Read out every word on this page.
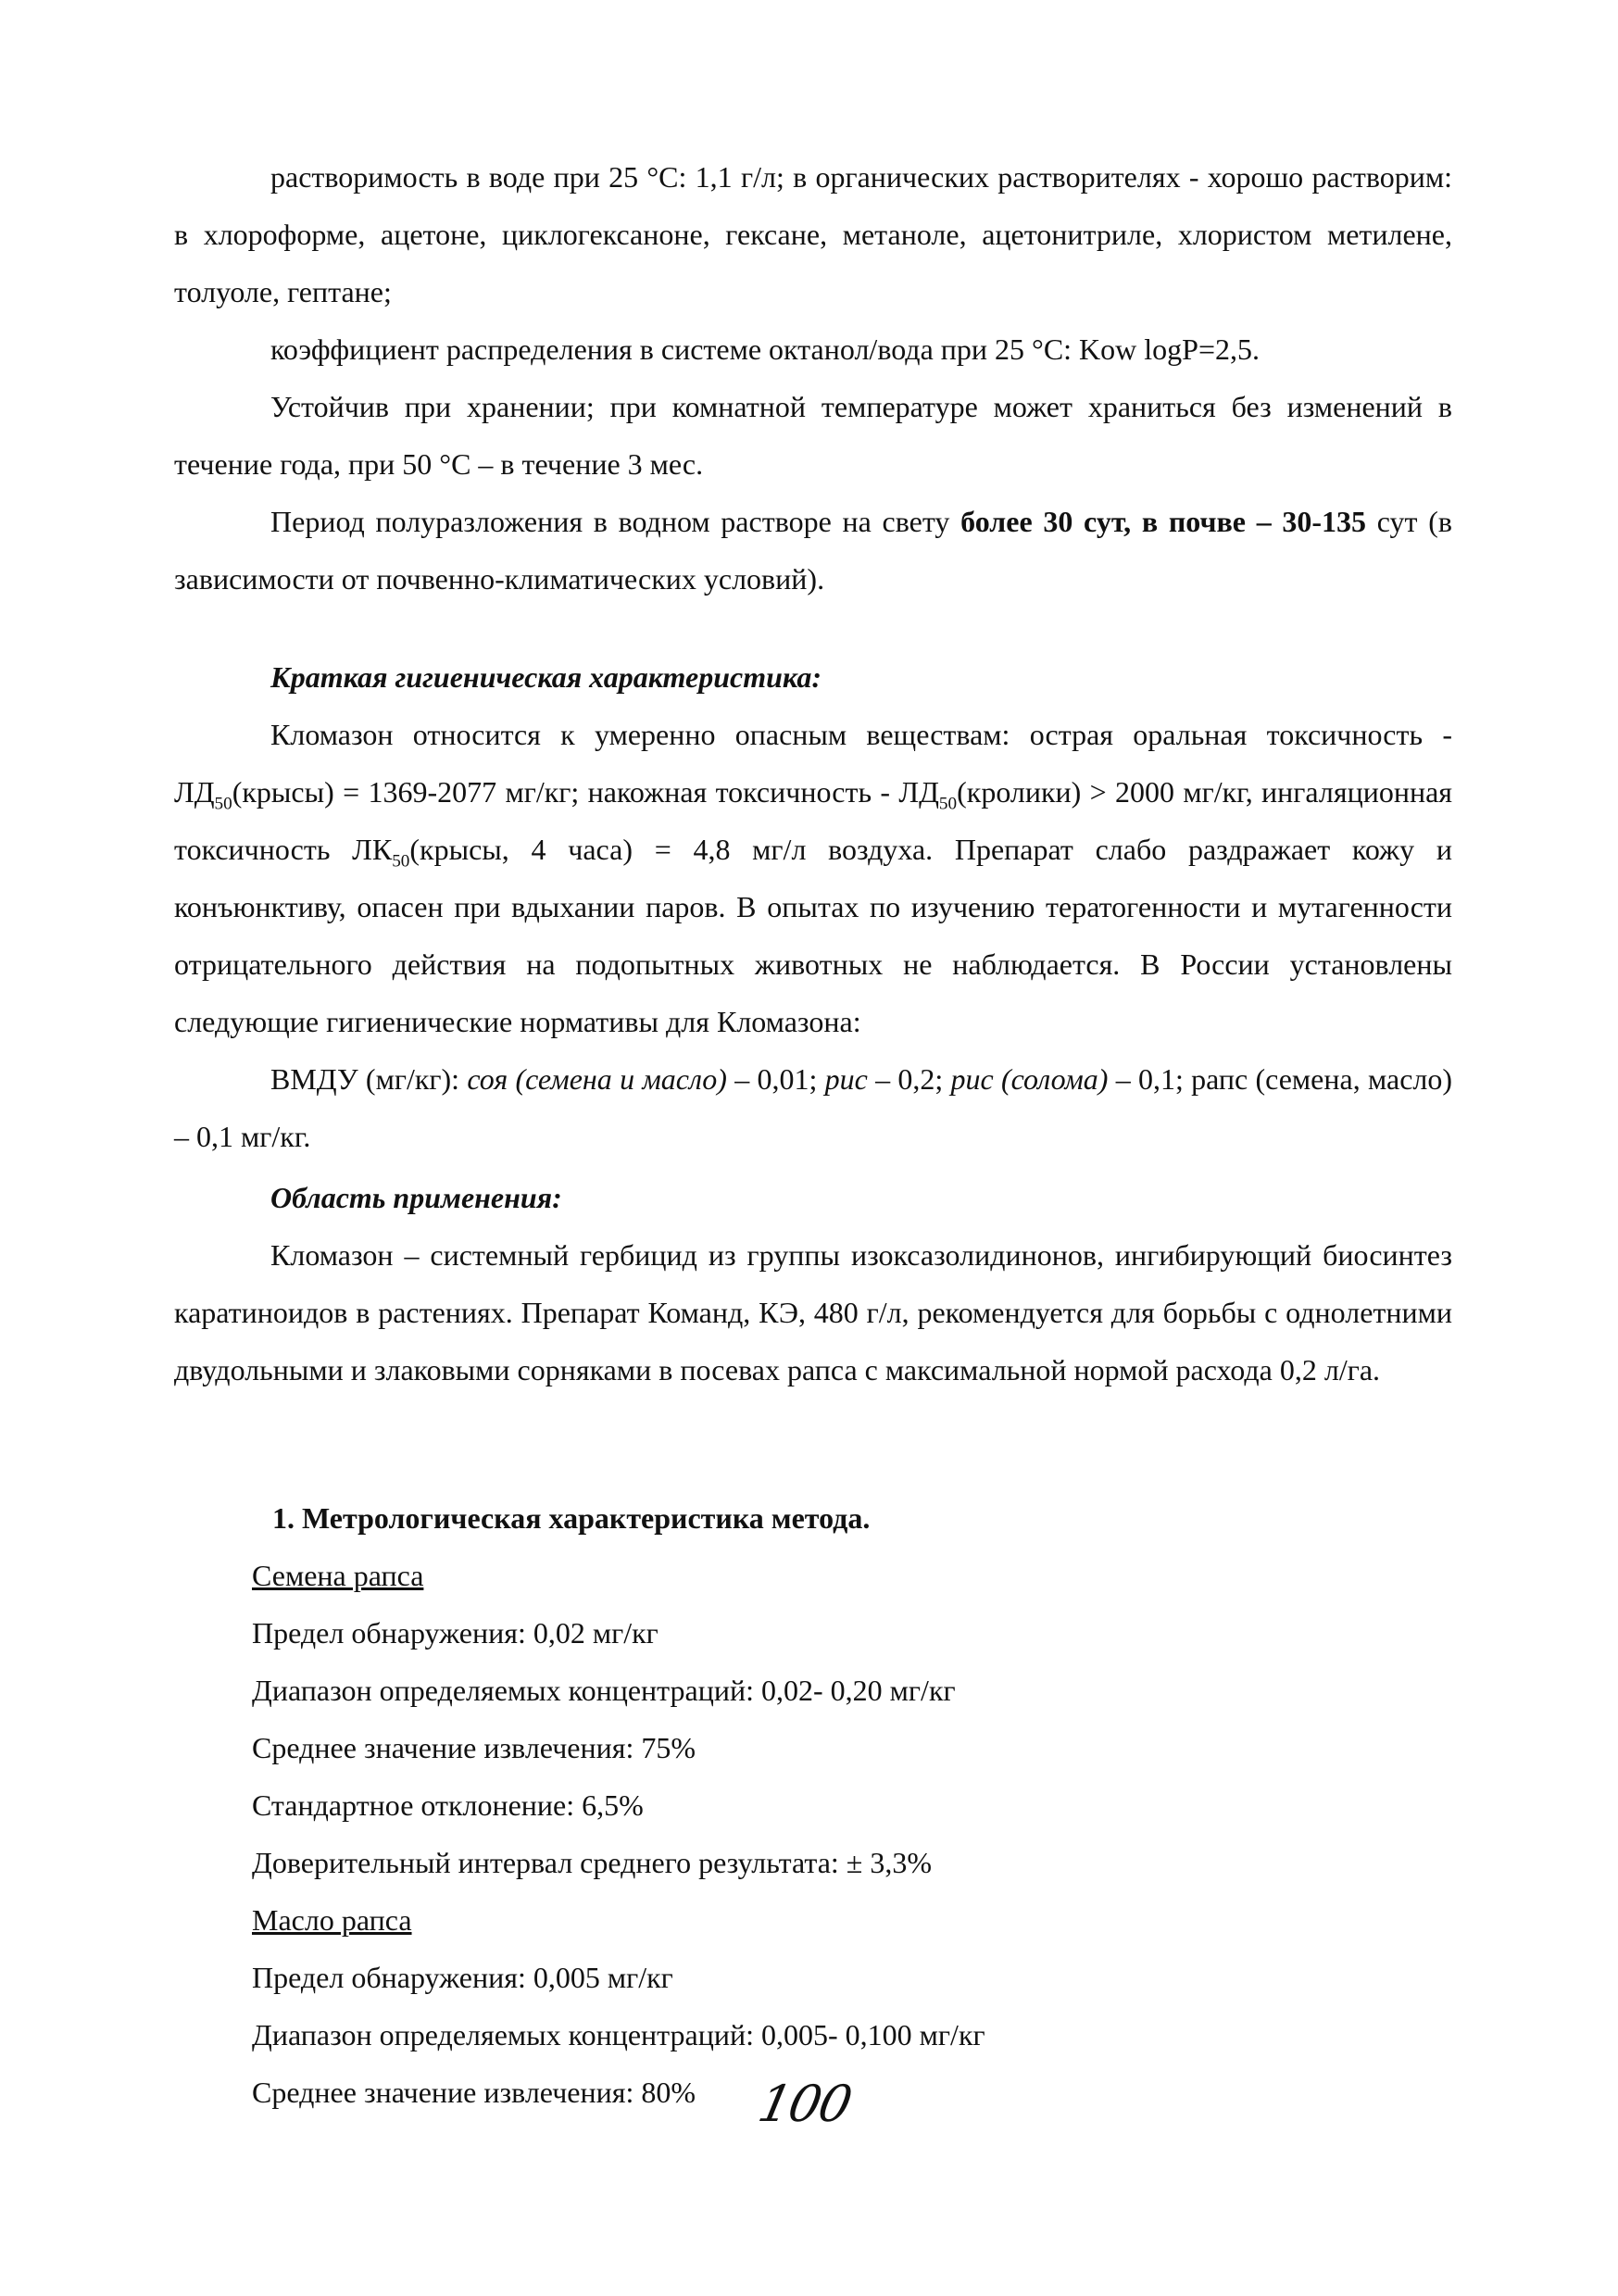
растворимость в воде при 25 °С: 1,1 г/л; в органических растворителях - хорошо растворим: в хлороформе, ацетоне, циклогексаноне, гексане, метаноле, ацетонитриле, хлористом метилене, толуоле, гептане;

коэффициент распределения в системе октанол/вода при 25 °С: Kow logP=2,5.

Устойчив при хранении; при комнатной температуре может храниться без изменений в течение года, при 50 °С – в течение 3 мес.

Период полуразложения в водном растворе на свету более 30 сут, в почве – 30-135 сут (в зависимости от почвенно-климатических условий).

Краткая гигиеническая характеристика:

Кломазон относится к умеренно опасным веществам: острая оральная токсичность - $ЛД_{50}(крысы) = 1369-2077$ мг/кг; накожная токсичность - $ЛД_{50}(кролики) > 2000$ мг/кг, ингаляционная токсичность $ЛК_{50}(крысы$, 4 часа) = 4,8 мг/л воздуха. Препарат слабо раздражает кожу и конъюнктиву, опасен при вдыхании паров. В опытах по изучению тератогенности и мутагенности отрицательного действия на подопытных животных не наблюдается. В России установлены следующие гигиенические нормативы для Кломазона:

ВМДУ (мг/кг): соя (семена и масло) – 0,01; рис – 0,2; рис (солома) – 0,1; рапс (семена, масло) – 0,1 мг/кг.

Область применения:

Кломазон – системный гербицид из группы изоксазолидинонов, ингибирующий биосинтез каратиноидов в растениях. Препарат Команд, КЭ, 480 г/л, рекомендуется для борьбы с однолетними двудольными и злаковыми сорняками в посевах рапса с максимальной нормой расхода 0,2 л/га.

1. Метрологическая характеристика метода.
Семена рапса
Предел обнаружения: 0,02 мг/кг
Диапазон определяемых концентраций: 0,02- 0,20 мг/кг
Среднее значение извлечения: 75%
Стандартное отклонение: 6,5%
Доверительный интервал среднего результата: ± 3,3%
Масло рапса
Предел обнаружения: 0,005 мг/кг
Диапазон определяемых концентраций: 0,005- 0,100 мг/кг
Среднее значение извлечения: 80%	100
